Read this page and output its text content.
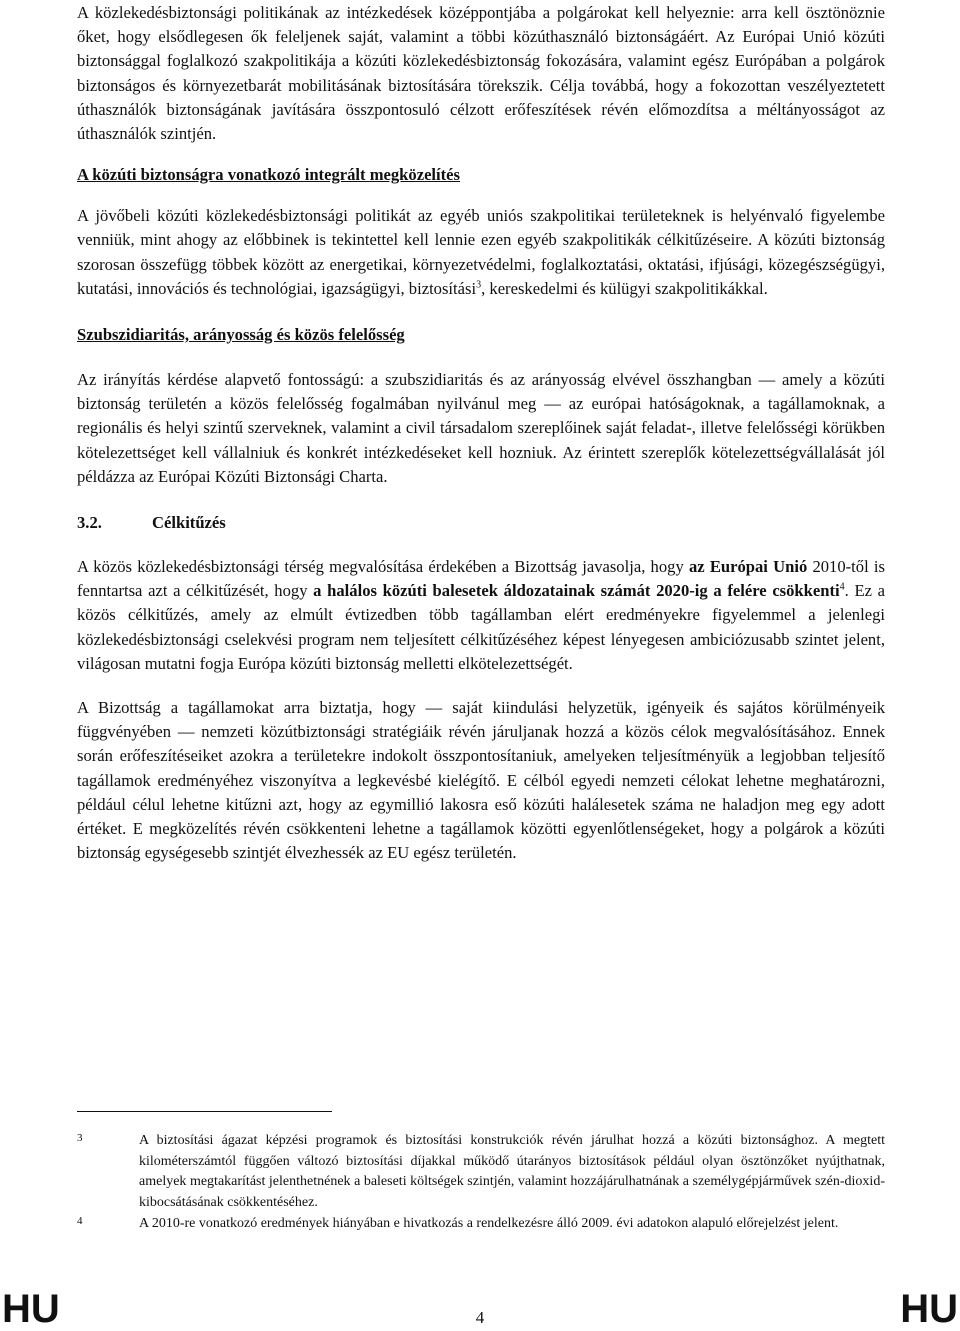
A közlekedésbiztonsági politikának az intézkedések középpontjába a polgárokat kell helyeznie: arra kell ösztönöznie őket, hogy elsődlegesen ők feleljenek saját, valamint a többi közúthasználó biztonságáért. Az Európai Unió közúti biztonsággal foglalkozó szakpolitikája a közúti közlekedésbiztonság fokozására, valamint egész Európában a polgárok biztonságos és környezetbarát mobilitásának biztosítására törekszik. Célja továbbá, hogy a fokozottan veszélyeztetett úthasználók biztonságának javítására összpontosuló célzott erőfeszítések révén előmozdítsa a méltányosságot az úthasználók szintjén.

A közúti biztonságra vonatkozó integrált megközelítés

A jövőbeli közúti közlekedésbiztonsági politikát az egyéb uniós szakpolitikai területeknek is helyénvaló figyelembe venniük, mint ahogy az előbbinek is tekintettel kell lennie ezen egyéb szakpolitikák célkitűzéseire. A közúti biztonság szorosan összefügg többek között az energetikai, környezetvédelmi, foglalkoztatási, oktatási, ifjúsági, közegészségügyi, kutatási, innovációs és technológiai, igazságügyi, biztosítási$^3$, kereskedelmi és külügyi szakpolitikákkal.

Szubszidiaritás, arányosság és közös felelősség

Az irányítás kérdése alapvető fontosságú: a szubszidiaritás és az arányosság elvével összhangban — amely a közúti biztonság területén a közös felelősség fogalmában nyilvánul meg — az európai hatóságoknak, a tagállamoknak, a regionális és helyi szintű szerveknek, valamint a civil társadalom szereplőinek saját feladat-, illetve felelősségi körükben kötelezettséget kell vállalniuk és konkrét intézkedéseket kell hozniuk. Az érintett szereplők kötelezettségvállalását jól példázza az Európai Közúti Biztonsági Charta.

3.2.	Célkitűzés

A közös közlekedésbiztonsági térség megvalósítása érdekében a Bizottság javasolja, hogy az Európai Unió 2010-től is fenntartsa azt a célkitűzését, hogy a halálos közúti balesetek áldozatainak számát 2020-ig a felére csökkenti$^4$. Ez a közös célkitűzés, amely az elmúlt évtizedben több tagállamban elért eredményekre figyelemmel a jelenlegi közlekedésbiztonsági cselekvési program nem teljesített célkitűzéséhez képest lényegesen ambiciózusabb szintet jelent, világosan mutatni fogja Európa közúti biztonság melletti elkötelezettségét.

A Bizottság a tagállamokat arra biztatja, hogy — saját kiindulási helyzetük, igényeik és sajátos körülményeik függvényében — nemzeti közútbiztonsági stratégiáik révén járuljanak hozzá a közös célok megvalósításához. Ennek során erőfeszítéseiket azokra a területekre indokolt összpontosítaniuk, amelyeken teljesítményük a legjobban teljesítő tagállamok eredményéhez viszonyítva a legkevésbé kielégítő. E célból egyedi nemzeti célokat lehetne meghatározni, például célul lehetne kitűzni azt, hogy az egymillió lakosra eső közúti halálesetek száma ne haladjon meg egy adott értéket. E megközelítés révén csökkenteni lehetne a tagállamok közötti egyenlőtlenségeket, hogy a polgárok a közúti biztonság egységesebb szintjét élvezhessék az EU egész területén.

3	A biztosítási ágazat képzési programok és biztosítási konstrukciók révén járulhat hozzá a közúti biztonsághoz. A megtett kilométerszámtól függően változó biztosítási díjakkal működő útarányos biztosítások például olyan ösztönzőket nyújthatnak, amelyek megtakarítást jelenthetnének a baleseti költségek szintjén, valamint hozzájárulhatnának a személygépjárművek szén-dioxid-kibocsátásának csökkentéséhez.
4	A 2010-re vonatkozó eredmények hiányában e hivatkozás a rendelkezésre álló 2009. évi adatokon alapuló előrejelzést jelent.
HU	4	HU
